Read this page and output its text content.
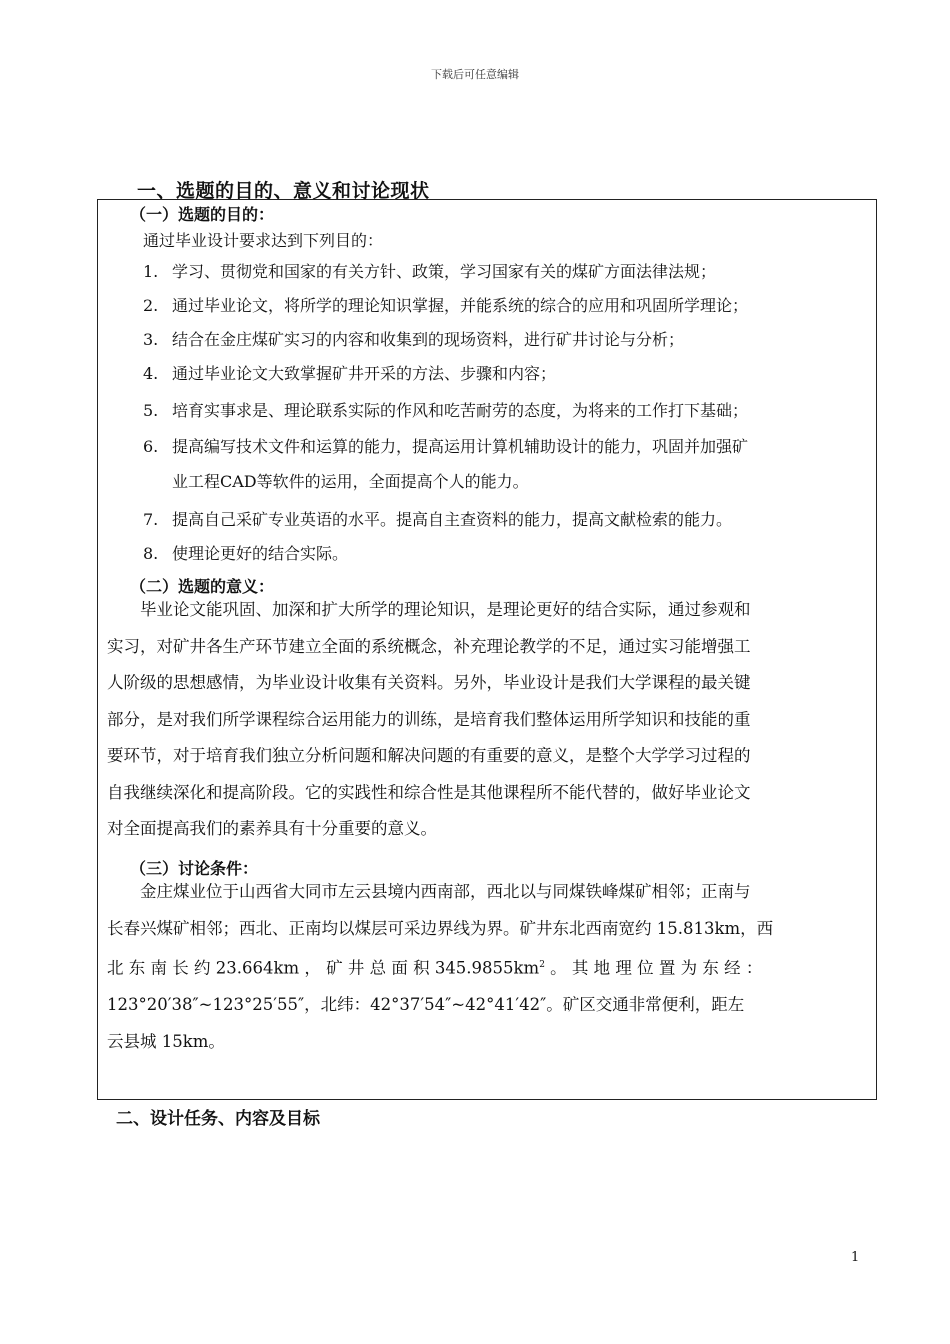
下载后可任意编辑
一、选题的目的、意义和讨论现状
（一）选题的目的：
通过毕业设计要求达到下列目的：
1. 学习、贯彻党和国家的有关方针、政策，学习国家有关的煤矿方面法律法规；
2. 通过毕业论文，将所学的理论知识掌握，并能系统的综合的应用和巩固所学理论；
3. 结合在金庄煤矿实习的内容和收集到的现场资料，进行矿井讨论与分析；
4. 通过毕业论文大致掌握矿井开采的方法、步骤和内容；
5. 培育实事求是、理论联系实际的作风和吃苦耐劳的态度，为将来的工作打下基础；
6. 提高编写技术文件和运算的能力，提高运用计算机辅助设计的能力，巩固并加强矿
业工程CAD等软件的运用，全面提高个人的能力。
7. 提高自己采矿专业英语的水平。提高自主查资料的能力，提高文献检索的能力。
8. 使理论更好的结合实际。
（二）选题的意义：
毕业论文能巩固、加深和扩大所学的理论知识，是理论更好的结合实际，通过参观和
实习，对矿井各生产环节建立全面的系统概念，补充理论教学的不足，通过实习能增强工
人阶级的思想感情，为毕业设计收集有关资料。另外，毕业设计是我们大学课程的最关键
部分，是对我们所学课程综合运用能力的训练，是培育我们整体运用所学知识和技能的重
要环节，对于培育我们独立分析问题和解决问题的有重要的意义，是整个大学学习过程的
自我继续深化和提高阶段。它的实践性和综合性是其他课程所不能代替的，做好毕业论文
对全面提高我们的素养具有十分重要的意义。
（三）讨论条件：
金庄煤业位于山西省大同市左云县境内西南部，西北以与同煤铁峰煤矿相邻；正南与
长春兴煤矿相邻；西北、正南均以煤层可采边界线为界。矿井东北西南宽约 15.813km，西
北 东 南 长 约 23.664km ， 矿 井 总 面 积 $345.9855km^2$ 。 其 地 理 位 置 为 东 经 ：
123°20′38″~123°25′55″，北纬：42°37′54″~42°41′42″。矿区交通非常便利，距左
云县城 15km。
二、设计任务、内容及目标
1
